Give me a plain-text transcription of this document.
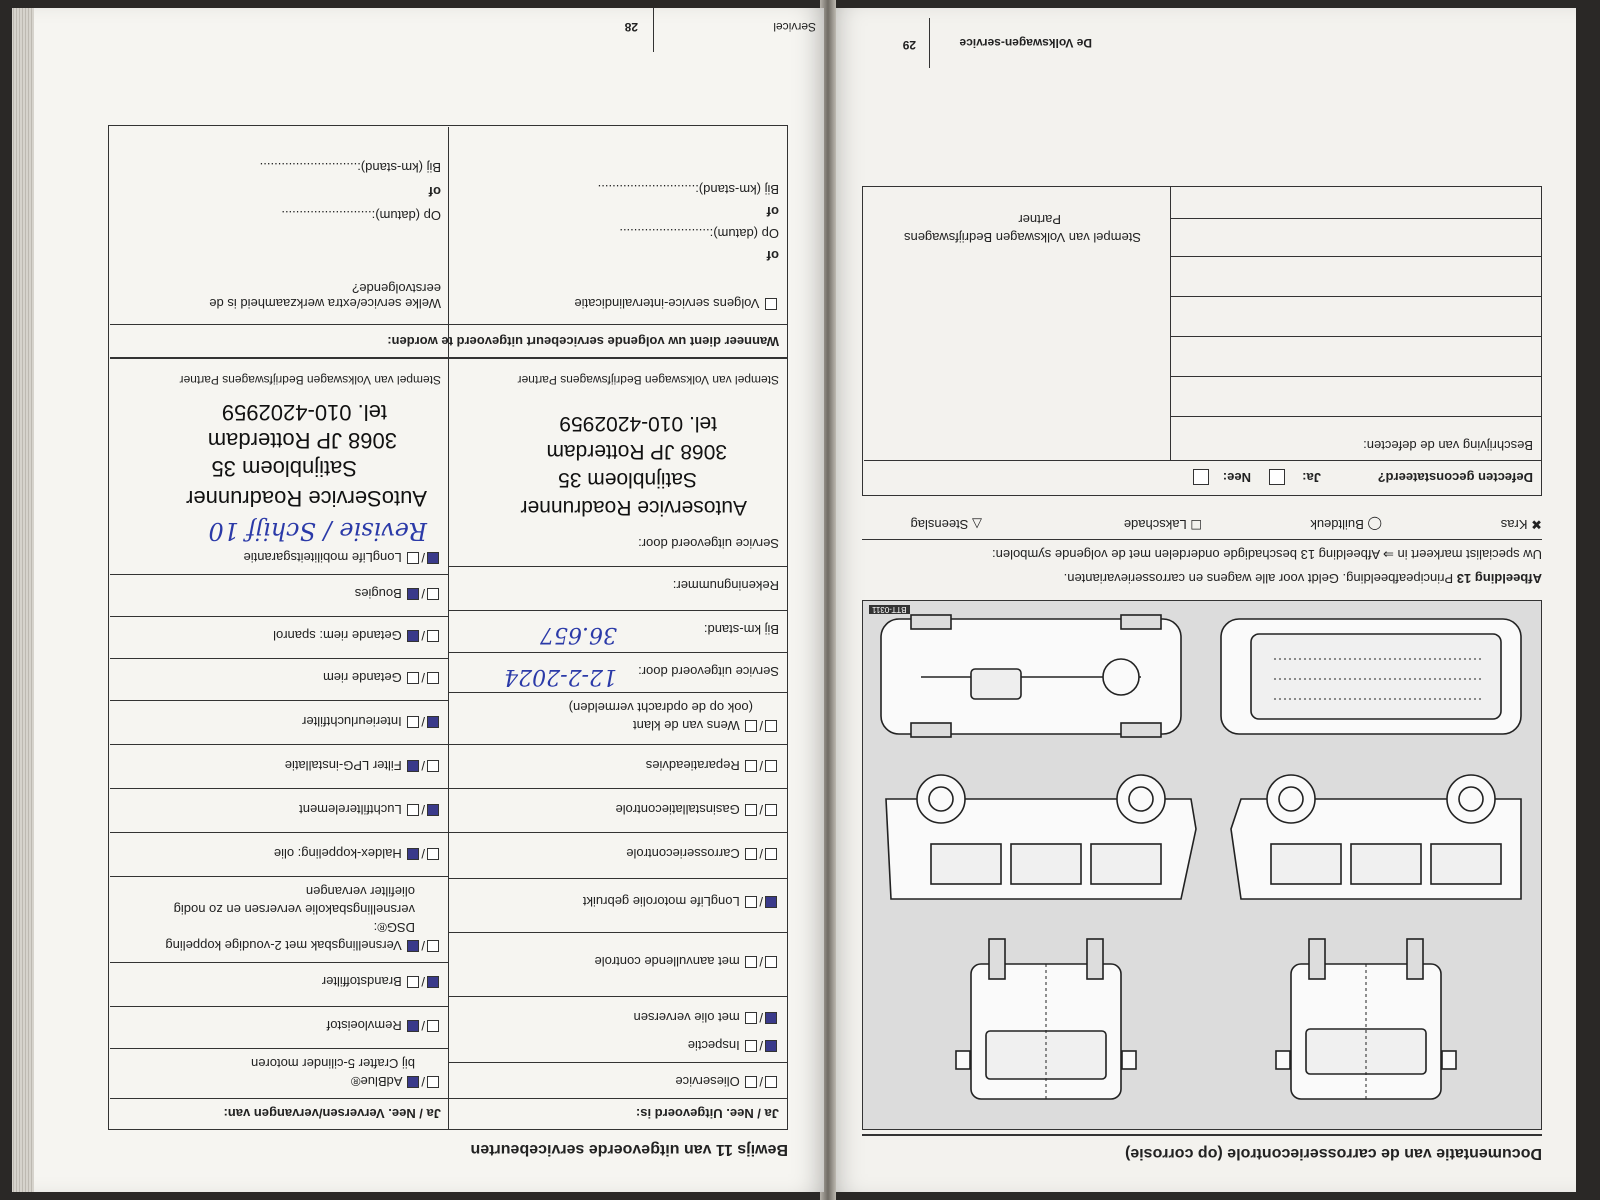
Documentatie van de carrosseriecontrole (op corrosie)
BTT-0311
Afbeelding 13 Principeafbeelding. Geldt voor alle wagens en carrosserievarianten.
Uw specialist markeert in ⇒ Afbeelding 13 beschadigde onderdelen met de volgende symbolen:
✖ Kras
◯ Builtdeuk
☐ Lakschade
△ Steenslag
Defecten geconstateerd?
Ja:
Nee:
Beschrijving van de defecten:
Stempel van Volkswagen Bedrijfswagens
Partner
De Volkswagen-service
29
Bewijs 11 van uitgevoerde servicebeurten
Ja / Nee. Uitgevoerd is:
Ja / Nee. Verversen/vervangen van:
/ Olieservice
/ Inspectie
/ met olie verversen
/ met aanvullende controle
/ LongLife motorolie gebruikt
/ Carrosseriecontrole
/ Gasinstallatiecontrole
/ Reparatieadvies
/ Wens van de klant
(ook op de opdracht vermelden)
Service uitgevoerd door:
12-2-2024
Bij km-stand:
36.657
Rekeningnummer:
Service uitgevoerd door:
Autoservice Roadrunner
Satijnbloem 35
3068 JP Rotterdam
tel. 010-4202959
Stempel van Volkswagen Bedrijfswagens Partner
/ AdBlue®
bij Crafter 5-cilinder motoren
/ Remvloeistof
/ Brandstoffilter
/ Versnellingsbak met 2-voudige koppeling
DSG®:
versnellingsbakolie verversen en zo nodig
oliefilter vervangen
/ Haldex-koppeling: olie
/ Luchtfilterelement
/ Filter LPG-installatie
/ Interieurluchtfilter
/ Getande riem
/ Getande riem: spanrol
/ Bougies
/ LongLife mobiliteitsgarantie
Revisie / Schijf 10
AutoService Roadrunner
Satijnbloem 35
3068 JP Rotterdam
tel. 010-4202959
Stempel van Volkswagen Bedrijfswagens Partner
Wanneer dient uw volgende servicebeurt uitgevoerd te worden:
Volgens service-intervalindicatie
Welke service/extra werkzaamheid is de eerstvolgende?
of
Op (datum):.........................
of
Bij (km-stand):...........................
Op (datum):.........................
of
Bij (km-stand):...........................
Servicel
28
